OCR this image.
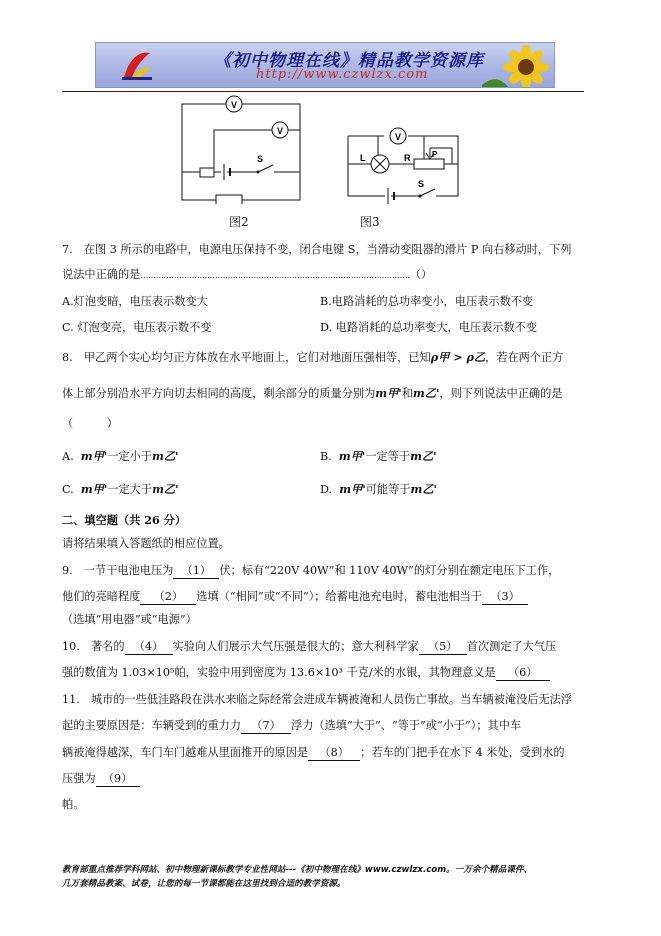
《初中物理在线》精品教学资源库
http://www.czwlzx.com
V
V
S
图2
V
L	R	P
S
图3
7.　在图 3 所示的电路中，电源电压保持不变，闭合电键 S，当滑动变阻器的滑片 P 向右移动时，下列
说法中正确的是……………………………………………………………………………………………（）
A.灯泡变暗，电压表示数变大	B.电路消耗的总功率变小，电压表示数不变
C. 灯泡变亮，电压表示数不变	D. 电路消耗的总功率变大，电压表示数不变
8.　甲乙两个实心均匀正方体放在水平地面上，它们对地面压强相等，已知ρ甲 > ρ乙，若在两个正方
体上部分别沿水平方向切去相同的高度，剩余部分的质量分别为m甲'和m乙'，则下列说法中正确的是
（　　　）
A. m甲'一定小于m乙'	B. m甲'一定等于m乙'
C. m甲'一定大于m乙'	D. m甲'可能等于m乙'
二、填空题（共 26 分）
请将结果填入答题纸的相应位置。
9.　一节干电池电压为 （1） 伏；标有“220V 40W”和 110V 40W”的灯分别在额定电压下工作，
他们的亮暗程度 （2） 选填（“相同”或“不同”）；给蓄电池充电时，蓄电池相当于 （3）
（选填“用电器”或“电源”）
10.　著名的 （4） 实验向人们展示大气压强是很大的；意大利科学家 （5） 首次测定了大气压
强的数值为 1.03×10⁵帕，实验中用到密度为 13.6×10³ 千克/米的水银，其物理意义是 （6）
11.　城市的一些低洼路段在洪水来临之际经常会进成车辆被淹和人员伤亡事故。当车辆被淹没后无法浮
起的主要原因是：车辆受到的重力力 （7） 浮力（选填“大于”、“等于”或“小于”）；其中车
辆被淹得越深，车门车门越难从里面推开的原因是 （8） ；若车的门把手在水下 4 米处，受到水的
压强为 （9）
帕。
教育部重点推荐学科网站、初中物理新课标教学专业性网站---《初中物理在线》www.czwlzx.com。一万余个精品课件、
几万套精品教案、试卷，让您的每一节课都能在这里找到合适的教学资源。
